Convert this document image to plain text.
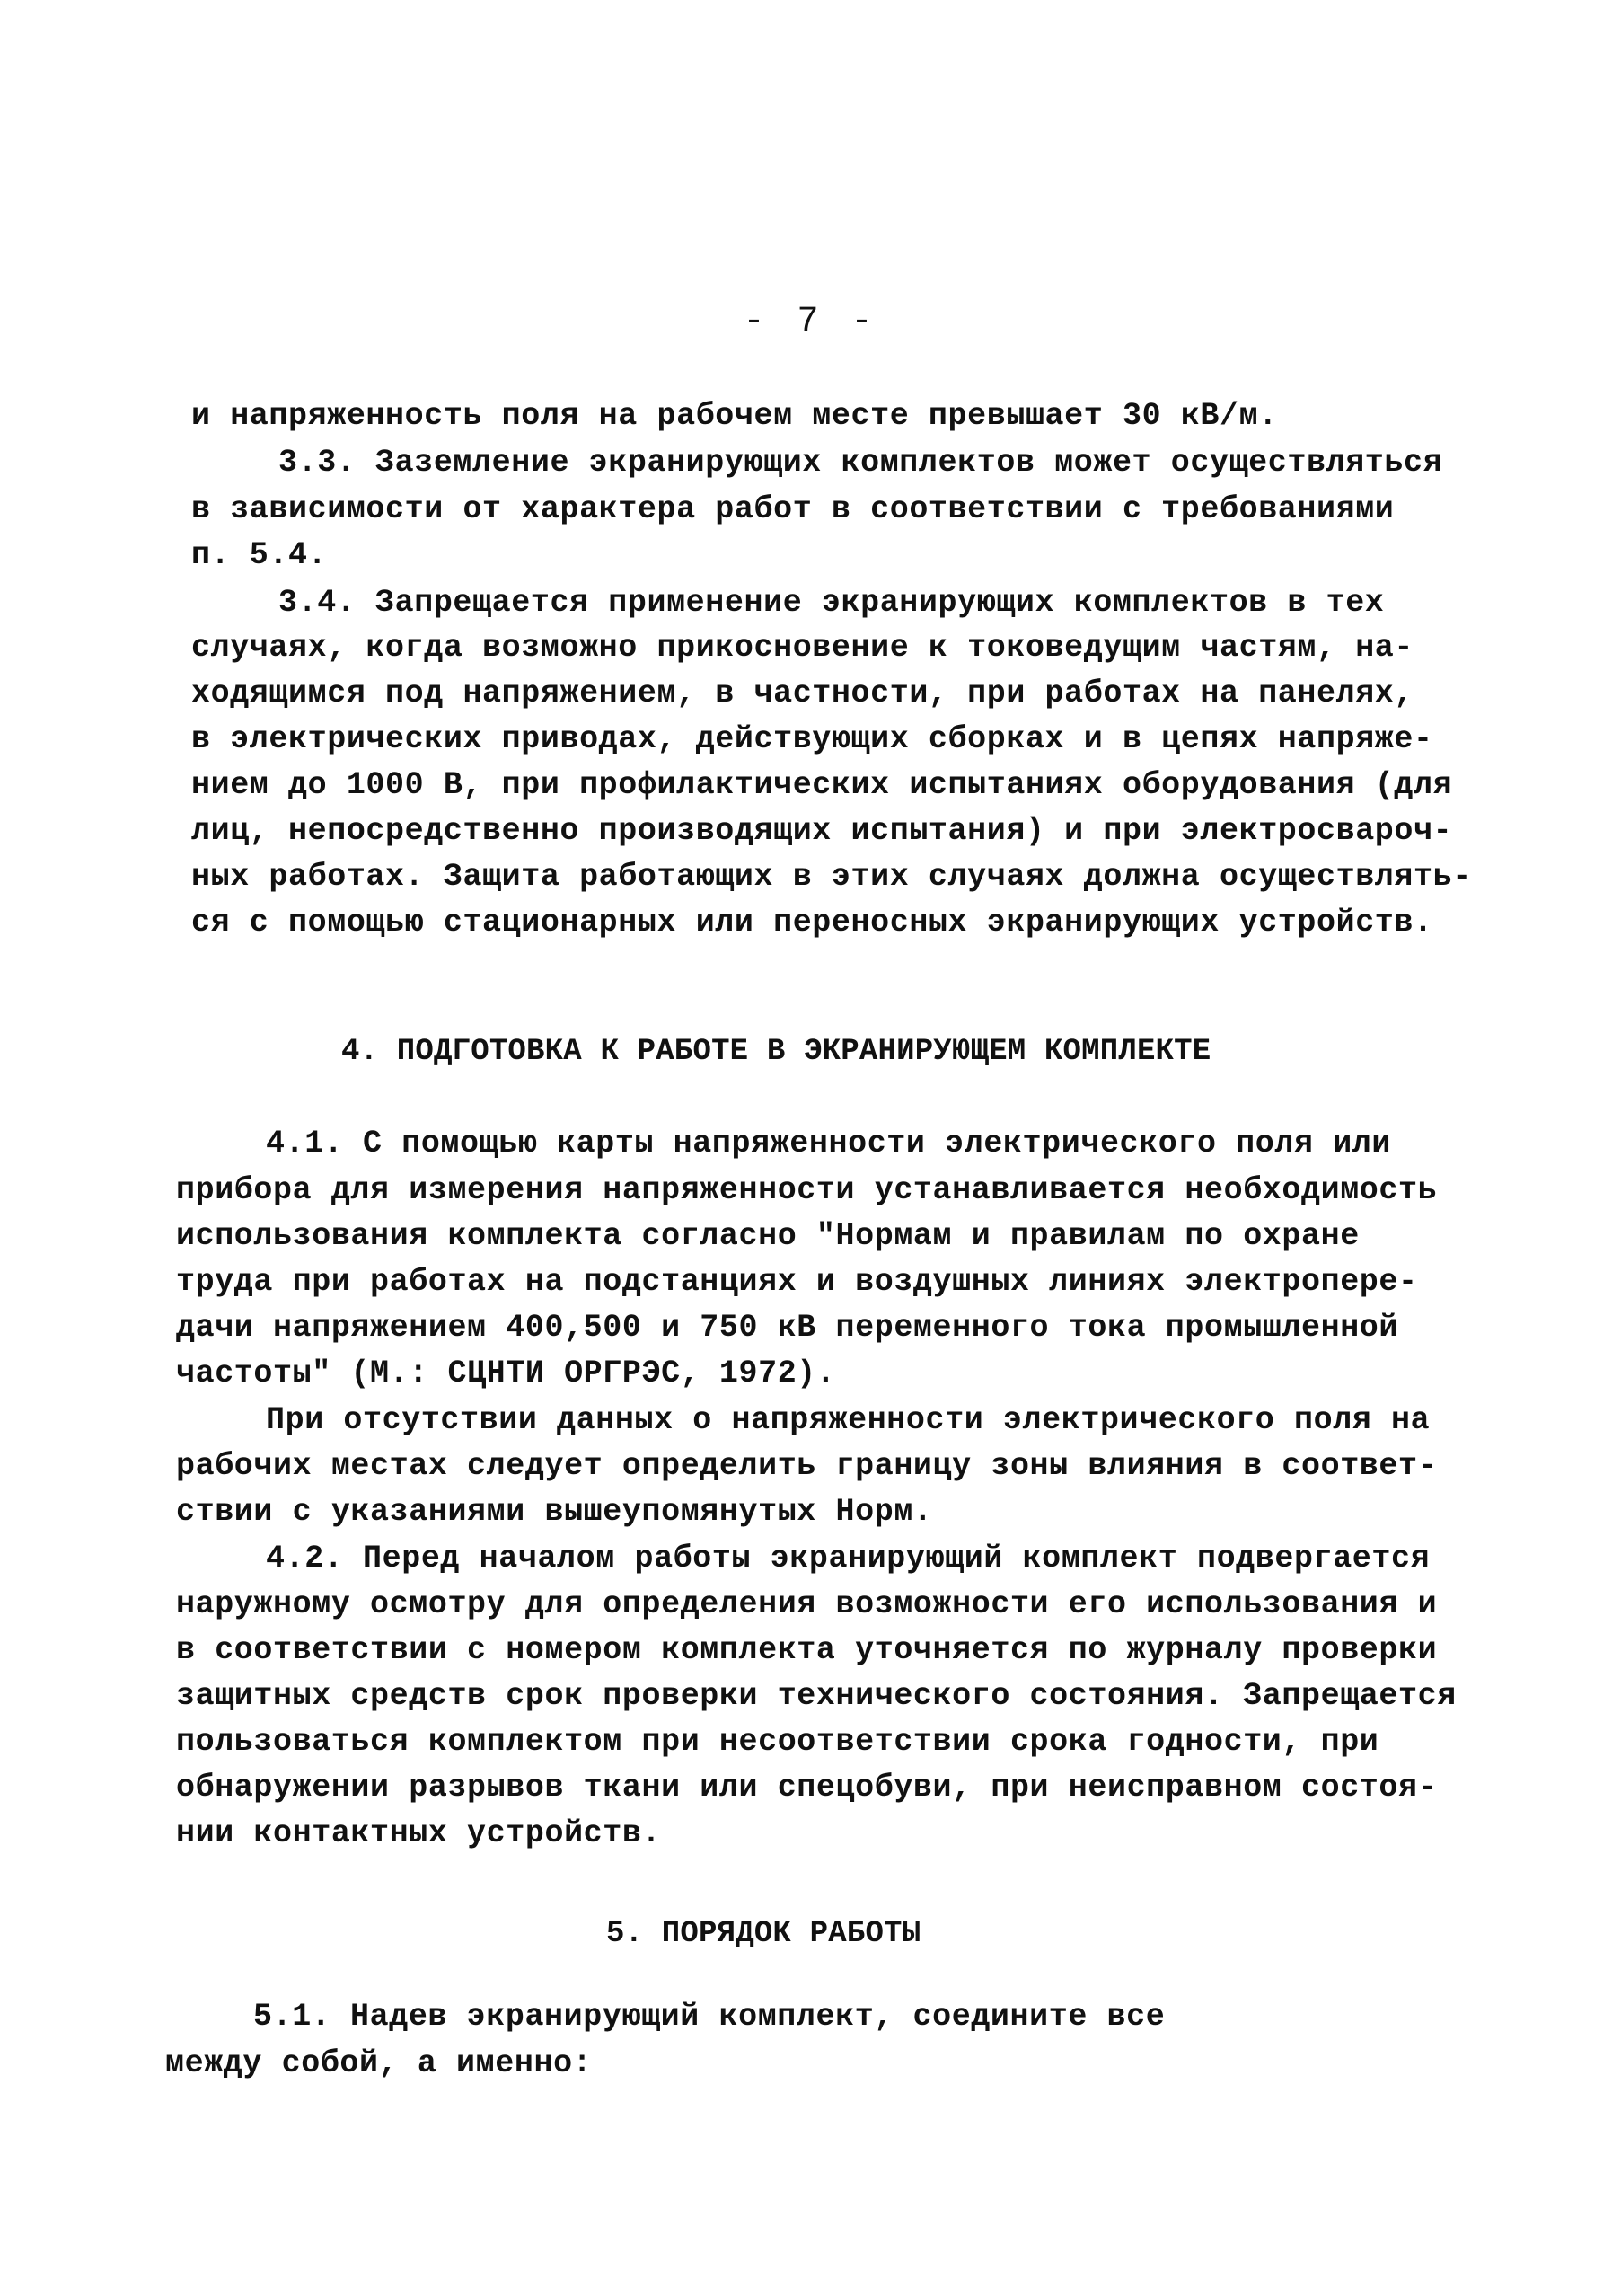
- 7 -
и напряженность поля на рабочем месте превышает 30 кВ/м.
3.3. Заземление экранирующих комплектов может осуществляться
в зависимости от характера работ в соответствии с требованиями
п. 5.4.
3.4. Запрещается применение экранирующих комплектов в тех
случаях, когда возможно прикосновение к токоведущим частям, на-
ходящимся под напряжением, в частности, при работах на панелях,
в электрических приводах, действующих сборках и в цепях напряже-
нием до 1000 В, при профилактических испытаниях оборудования (для
лиц, непосредственно производящих испытания) и при электросвароч-
ных работах. Защита работающих в этих случаях должна осуществлять-
ся с помощью стационарных или переносных экранирующих устройств.
4. ПОДГОТОВКА К РАБОТЕ В ЭКРАНИРУЮЩЕМ КОМПЛЕКТЕ
4.1. С помощью карты напряженности электрического поля или
прибора для измерения напряженности устанавливается необходимость
использования комплекта согласно "Нормам и правилам по охране
труда при работах на подстанциях и воздушных линиях электропере-
дачи напряжением 400,500 и 750 кВ переменного тока промышленной
частоты" (М.: СЦНТИ ОРГРЭС, 1972).
При отсутствии данных о напряженности электрического поля на
рабочих местах следует определить границу зоны влияния в соответ-
ствии с указаниями вышеупомянутых Норм.
4.2. Перед началом работы экранирующий комплект подвергается
наружному осмотру для определения возможности его использования и
в соответствии с номером комплекта уточняется по журналу проверки
защитных средств срок проверки технического состояния. Запрещается
пользоваться комплектом при несоответствии срока годности, при
обнаружении разрывов ткани или спецобуви, при неисправном состоя-
нии контактных устройств.
5. ПОРЯДОК РАБОТЫ
5.1. Надев экранирующий комплект, соедините все
между собой, а именно:
